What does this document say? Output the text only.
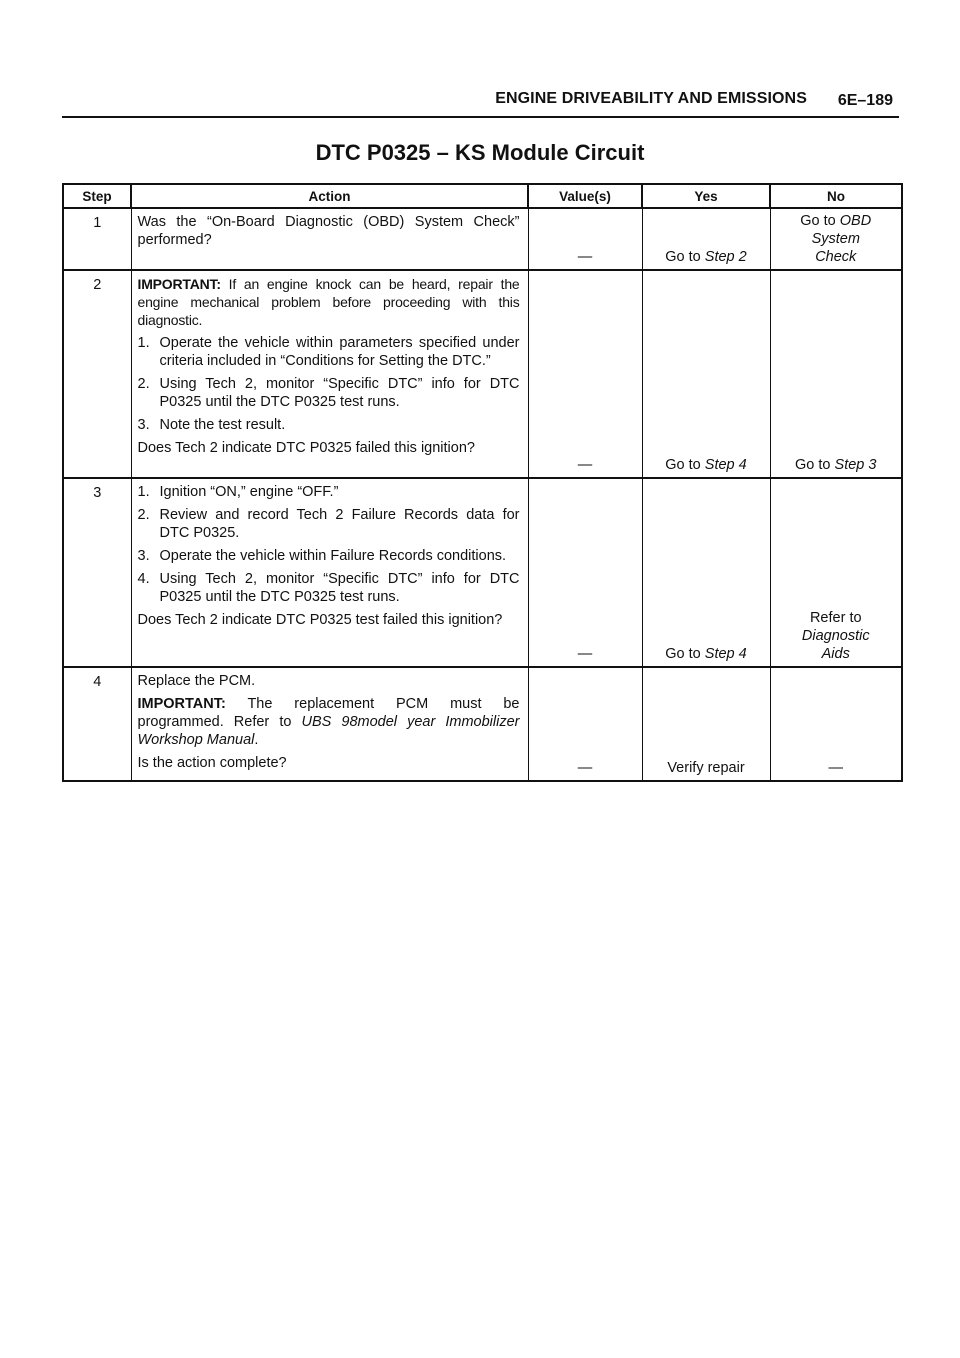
ENGINE DRIVEABILITY AND EMISSIONS 6E–189
DTC P0325 – KS Module Circuit
Step	Action	Value(s)	Yes	No
1	Was the “On-Board Diagnostic (OBD) System Check” performed?	—	Go to Step 2	Go to OBD System Check
2	IMPORTANT: If an engine knock can be heard, repair the engine mechanical problem before proceeding with this diagnostic.
1. Operate the vehicle within parameters specified under criteria included in “Conditions for Setting the DTC.”
2. Using Tech 2, monitor “Specific DTC” info for DTC P0325 until the DTC P0325 test runs.
3. Note the test result.
Does Tech 2 indicate DTC P0325 failed this ignition?	—	Go to Step 4	Go to Step 3
3	1. Ignition “ON,” engine “OFF.”
2. Review and record Tech 2 Failure Records data for DTC P0325.
3. Operate the vehicle within Failure Records conditions.
4. Using Tech 2, monitor “Specific DTC” info for DTC P0325 until the DTC P0325 test runs.
Does Tech 2 indicate DTC P0325 test failed this ignition?	—	Go to Step 4	Refer to Diagnostic Aids
4	Replace the PCM.
IMPORTANT: The replacement PCM must be programmed. Refer to UBS 98model year Immobilizer Workshop Manual.
Is the action complete?	—	Verify repair	—
